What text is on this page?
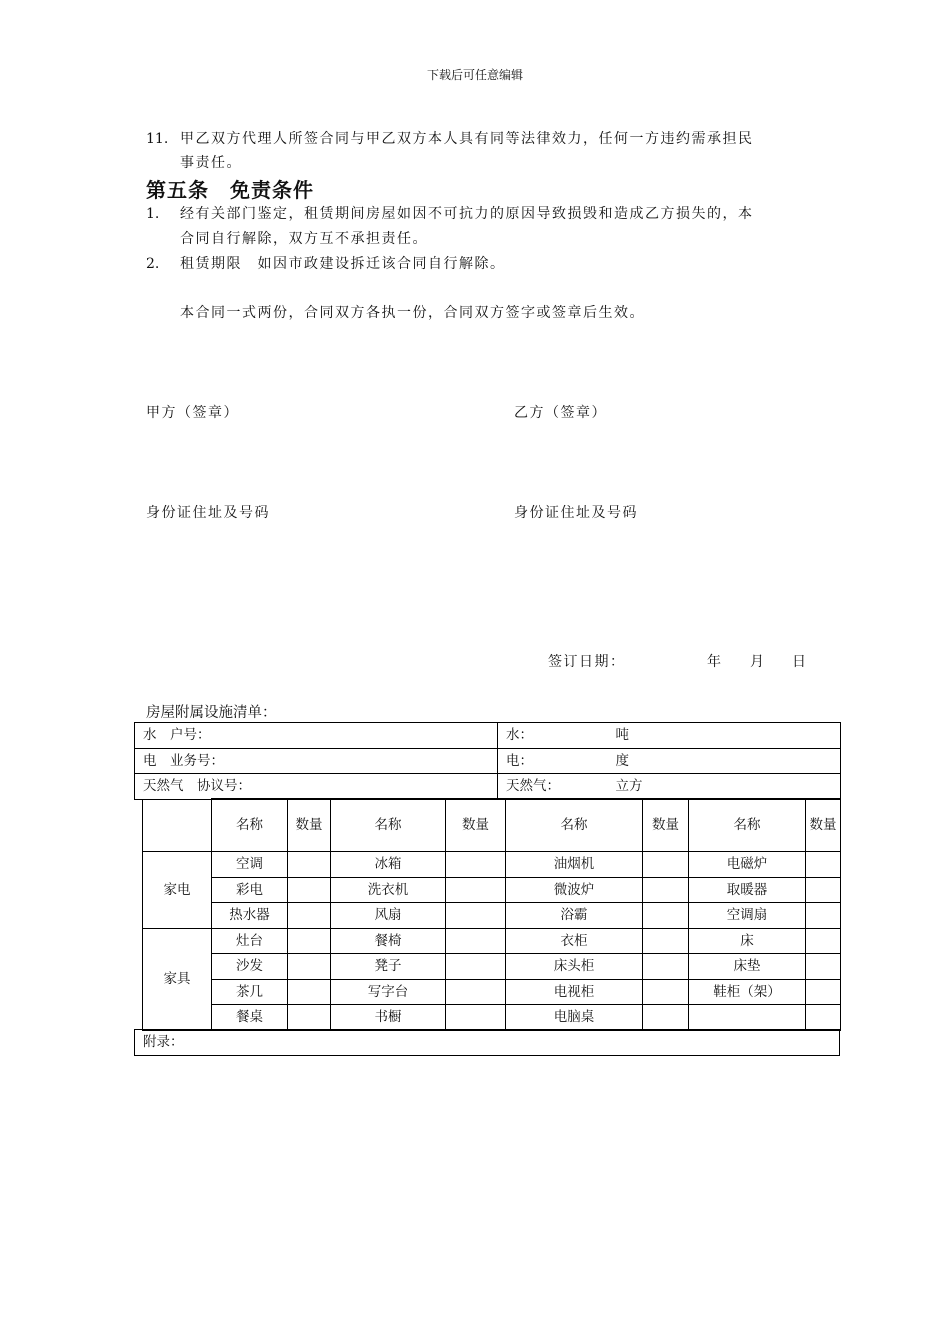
下载后可任意编辑
11. 甲乙双方代理人所签合同与甲乙双方本人具有同等法律效力，任何一方违约需承担民
事责任。
第五条　免责条件
1. 经有关部门鉴定，租赁期间房屋如因不可抗力的原因导致损毁和造成乙方损失的，本
合同自行解除，双方互不承担责任。
2. 租赁期限　如因市政建设拆迁该合同自行解除。
本合同一式两份，合同双方各执一份，合同双方签字或签章后生效。
甲方（签章）	乙方（签章）
身份证住址及号码	身份证住址及号码
签订日期：	年 月 日
房屋附属设施清单：
水　户号：	水：	吨
电　业务号：	电：	度
天然气　协议号：	天然气：	立方
	名称	数量	名称	数量	名称	数量	名称	数量

家电	空调		冰箱		油烟机		电磁炉	
	彩电		洗衣机		微波炉		取暖器	
	热水器		风扇		浴霸		空调扇	
家具	灶台		餐椅		衣柜		床	
	沙发		凳子		床头柜		床垫	
	茶几		写字台		电视柜		鞋柜（架）	
	餐桌		书橱		电脑桌			
附录：
